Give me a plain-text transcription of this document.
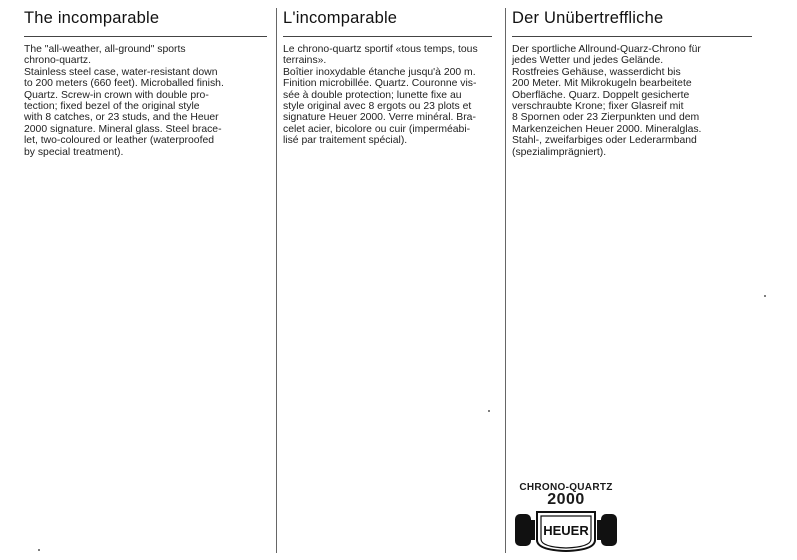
The incomparable
The "all-weather, all-ground" sports
chrono-quartz.
Stainless steel case, water-resistant down
to 200 meters (660 feet). Microballed finish.
Quartz. Screw-in crown with double pro-
tection; fixed bezel of the original style
with 8 catches, or 23 studs, and the Heuer
2000 signature. Mineral glass. Steel brace-
let, two-coloured or leather (waterproofed
by special treatment).
L'incomparable
Le chrono-quartz sportif «tous temps, tous
terrains».
Boîtier inoxydable étanche jusqu'à 200 m.
Finition microbillée. Quartz. Couronne vis-
sée à double protection; lunette fixe au
style original avec 8 ergots ou 23 plots et
signature Heuer 2000. Verre minéral. Bra-
celet acier, bicolore ou cuir (imperméabi-
lisé par traitement spécial).
Der Unübertreffliche
Der sportliche Allround-Quarz-Chrono für
jedes Wetter und jedes Gelände.
Rostfreies Gehäuse, wasserdicht bis
200 Meter. Mit Mikrokugeln bearbeitete
Oberfläche. Quarz. Doppelt gesicherte
verschraubte Krone; fixer Glasreif mit
8 Spornen oder 23 Zierpunkten und dem
Markenzeichen Heuer 2000. Mineralglas.
Stahl-, zweifarbiges oder Lederarmband
(spezialimprägniert).
CHRONO-QUARTZ
2000
HEUER
